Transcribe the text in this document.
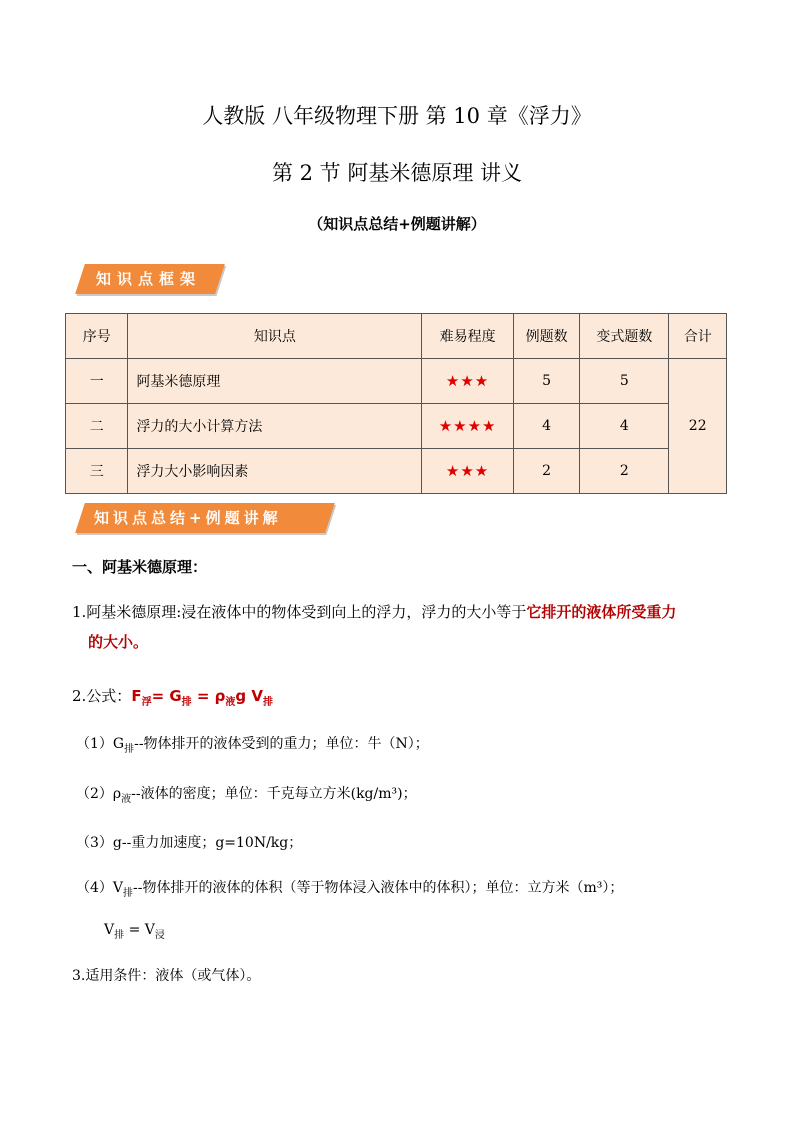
人教版 八年级物理下册 第 10 章《浮力》
第 2 节 阿基米德原理 讲义
（知识点总结+例题讲解）
知识点框架
序号	知识点	难易程度	例题数	变式题数	合计
一	阿基米德原理	★★★	5	5	22
二	浮力的大小计算方法	★★★★	4	4	
三	浮力大小影响因素	★★★	2	2	
知识点总结+例题讲解
一、阿基米德原理：
1.阿基米德原理:浸在液体中的物体受到向上的浮力，浮力的大小等于它排开的液体所受重力
的大小。
2.公式：$F_浮= G_排 = \rho_液g$ $V_排$
$(1)G_排--$物体排开的液体受到的重力；单位：牛（N）；
$(2)\rho_液--$液体的密度；单位：千克每立方米(kg/m³)；
（3）g--重力加速度；g=10N/kg；
$(4)V_排--$物体排开的液体的体积（等于物体浸入液体中的体积）；单位：立方米（m³）；
$V_排 = V_浸$
3.适用条件：液体（或气体）。
